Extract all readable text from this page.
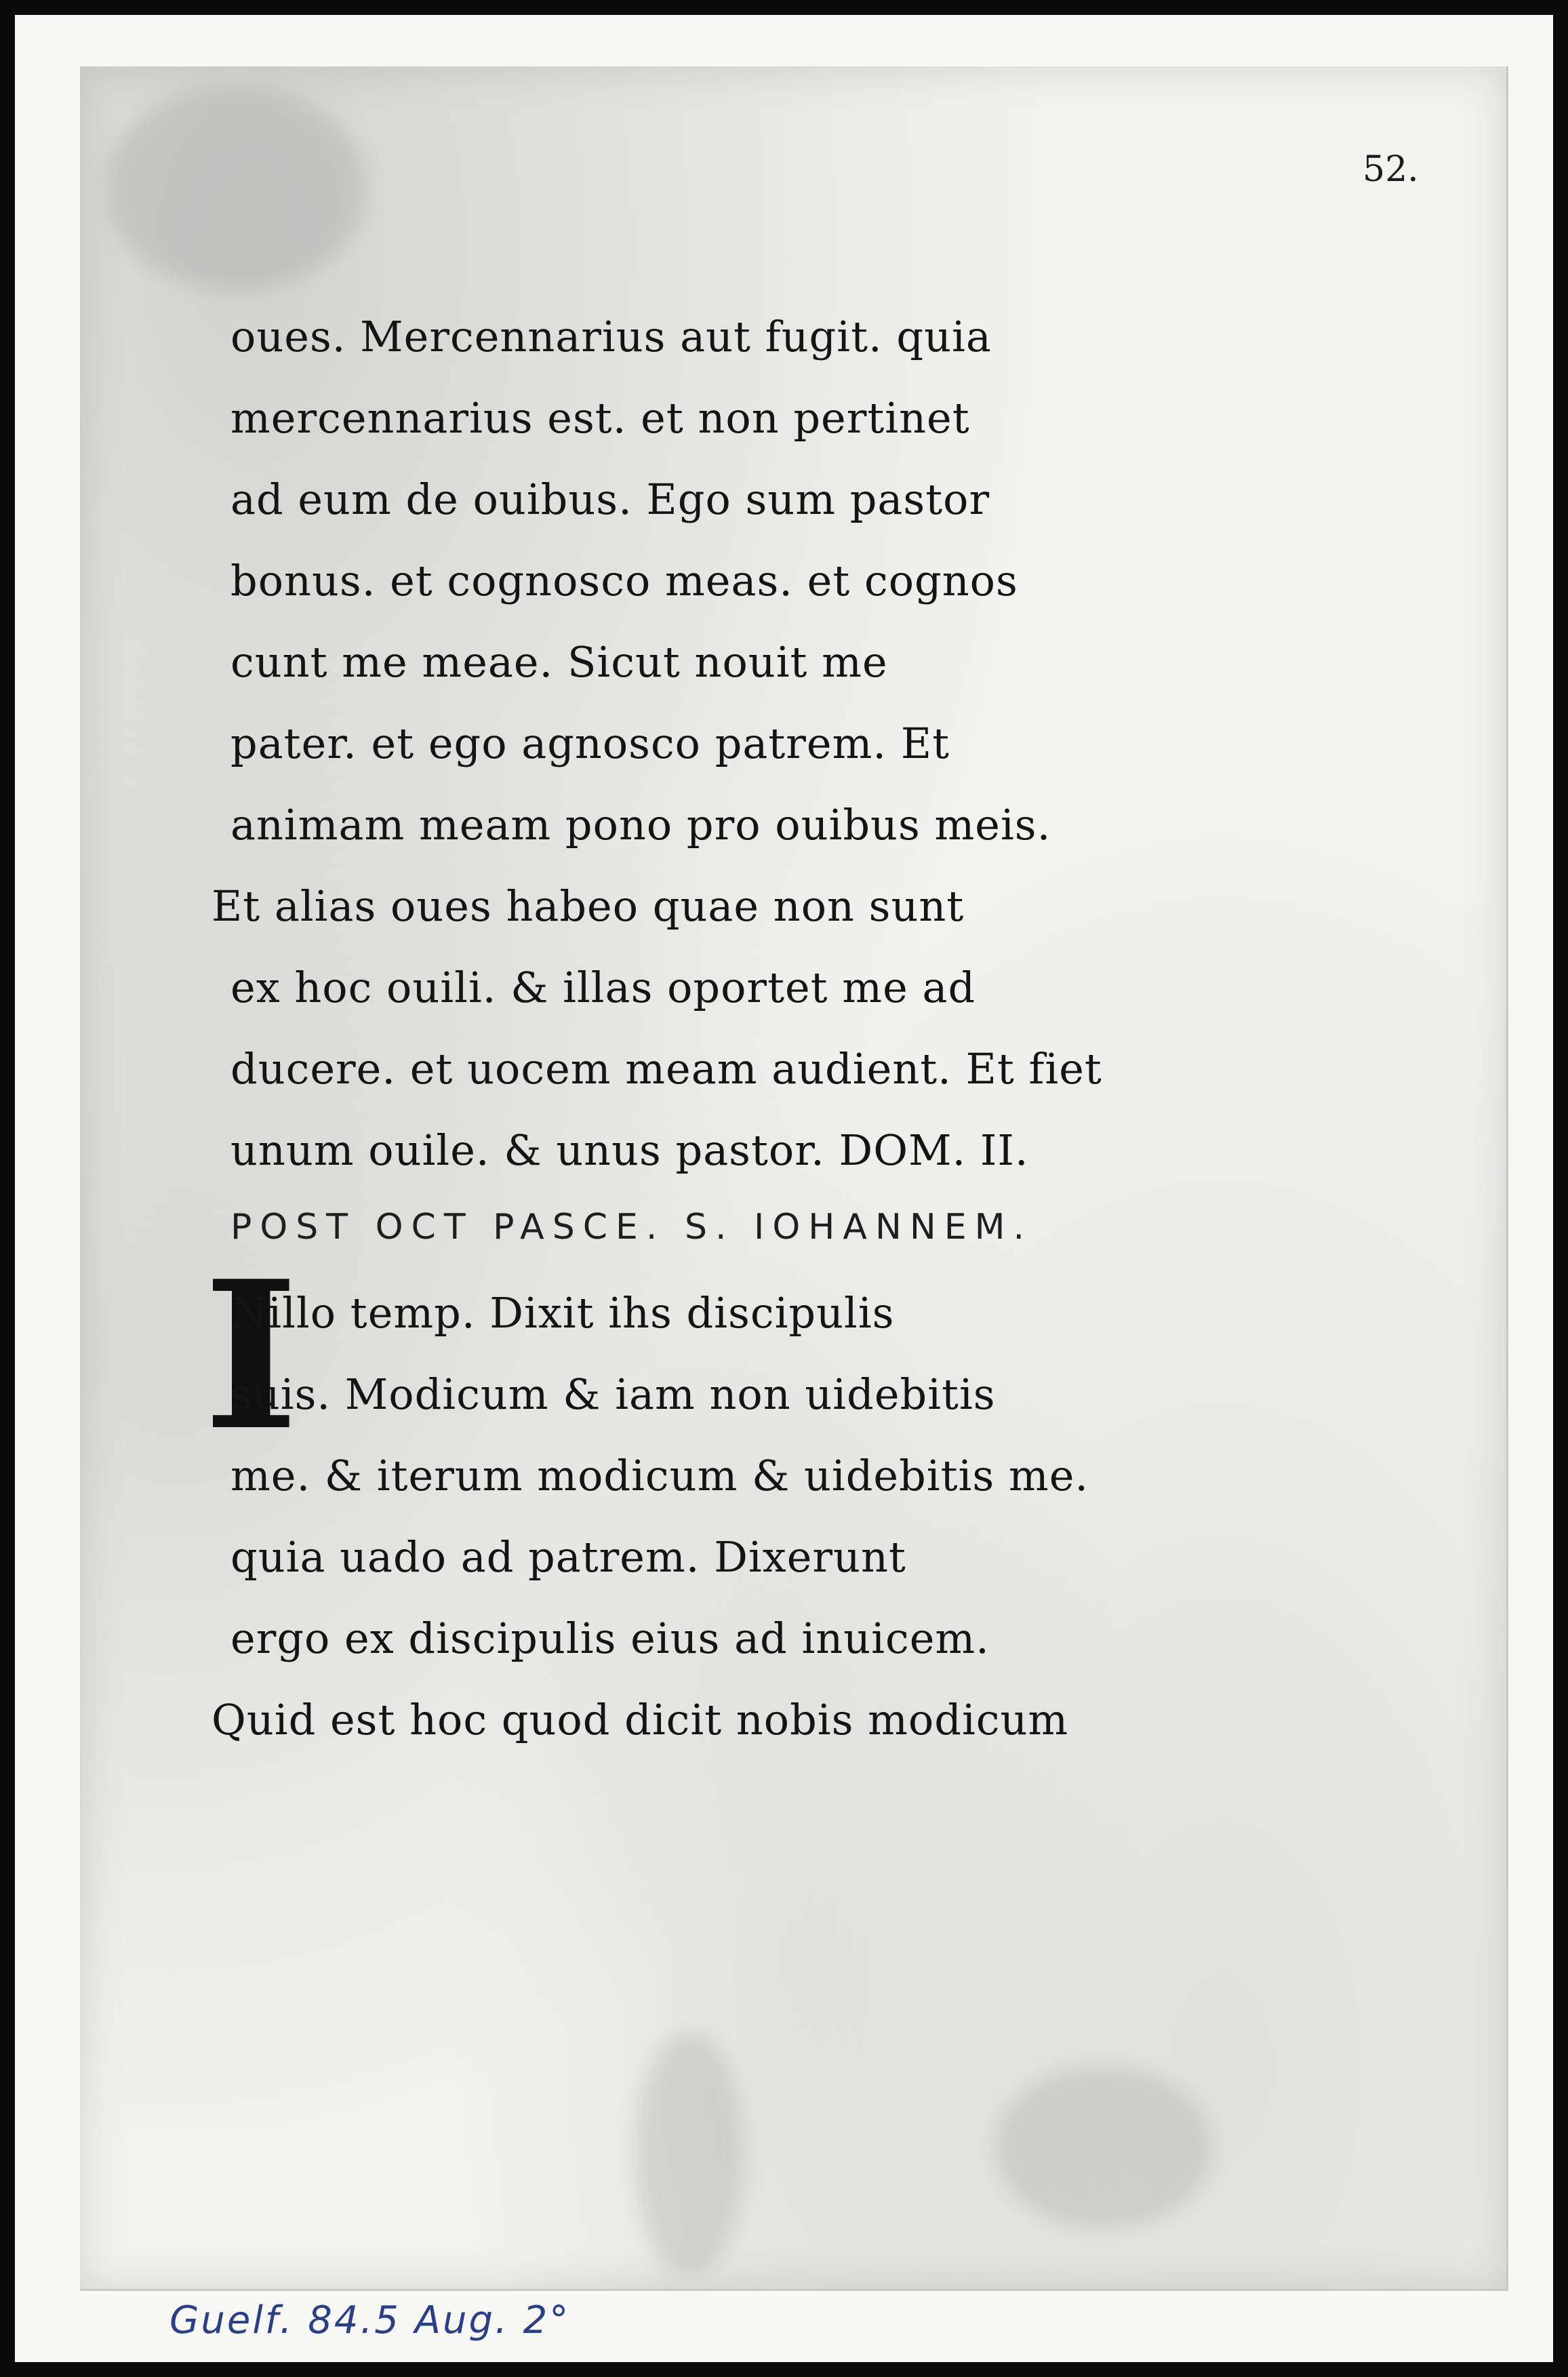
52.
I
oues. Mercennarius aut fugit. quia
mercennarius est. et non pertinet
ad eum de ouibus. Ego sum pastor
bonus. et cognosco meas. et cognos
cunt me meae. Sicut nouit me
pater. et ego agnosco patrem. Et
animam meam pono pro ouibus meis.
Et alias oues habeo quae non sunt
ex hoc ouili. & illas oportet me ad
ducere. et uocem meam audient. Et fiet
unum ouile. & unus pastor. DOM. II.
POST OCT PASCE. S. IOHANNEM.
Nillo temp. Dixit ihs discipulis
suis. Modicum & iam non uidebitis
me. & iterum modicum & uidebitis me.
quia uado ad patrem. Dixerunt
ergo ex discipulis eius ad inuicem.
Quid est hoc quod dicit nobis modicum
Guelf. 84.5 Aug. 2°
